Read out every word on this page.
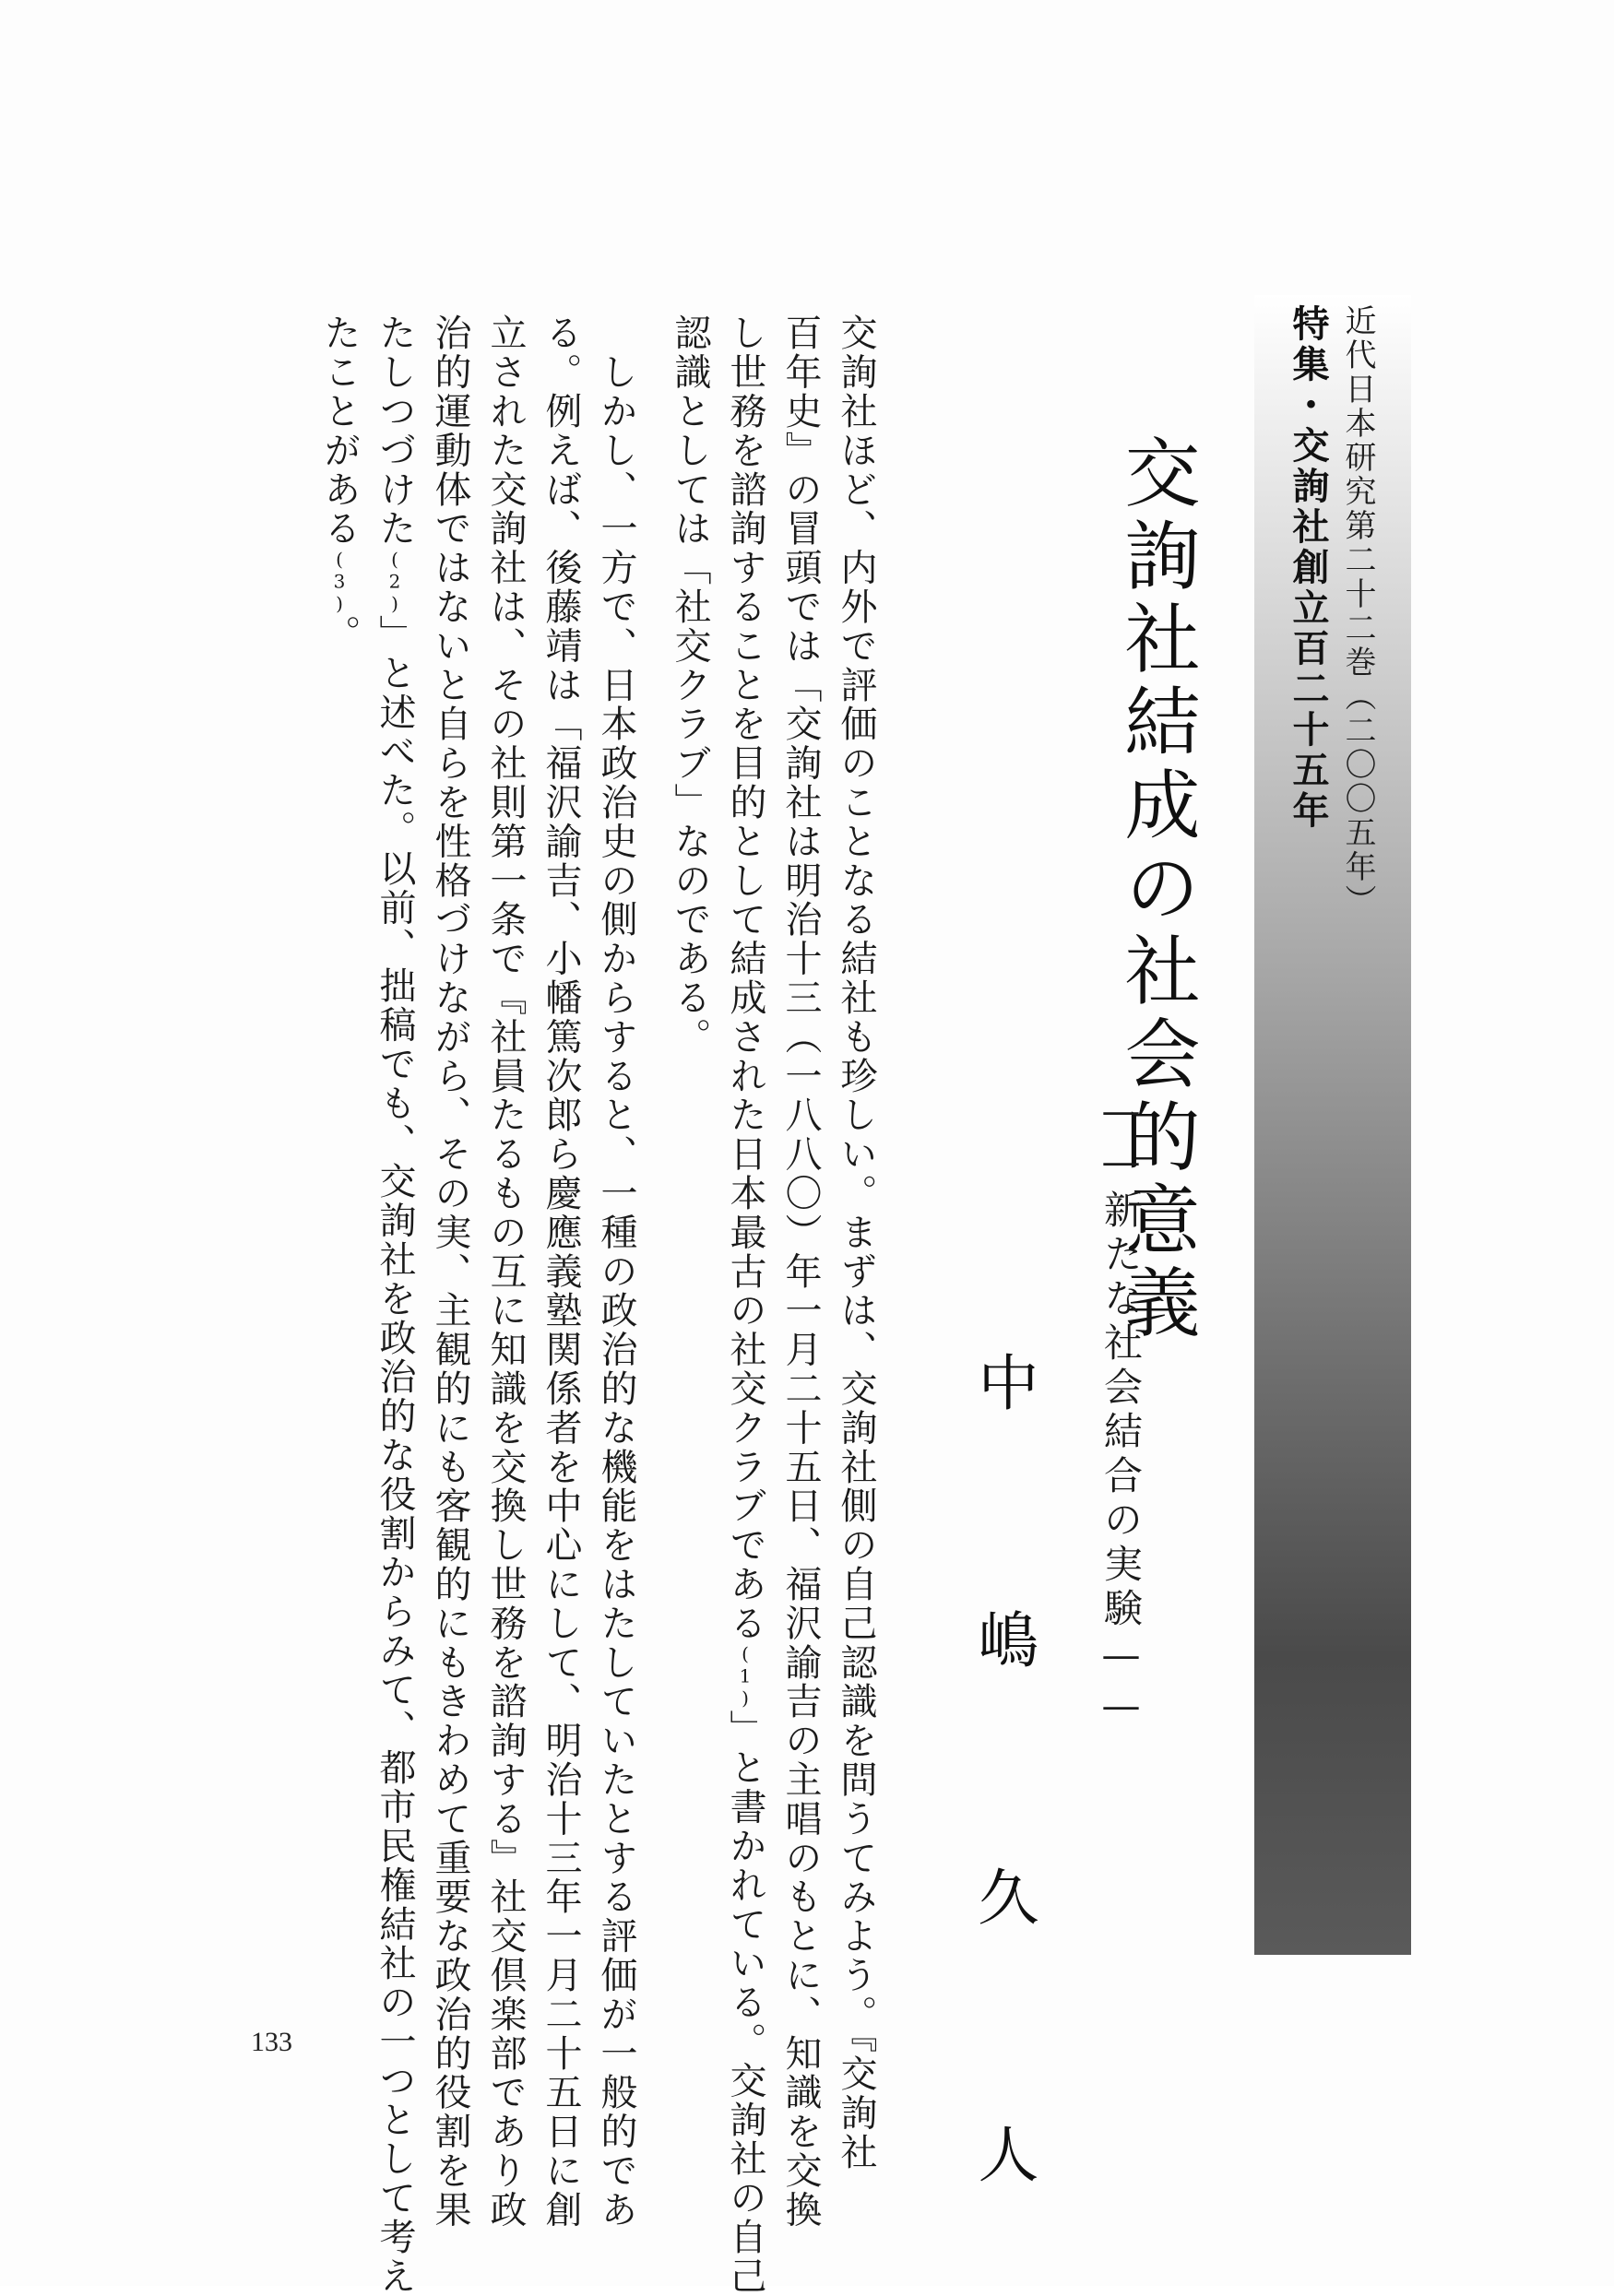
近代日本研究第二十二巻（二〇〇五年）
特集・交詢社創立百二十五年
交詢社結成の社会的意義
——新たな社会結合の実験——
中 嶋 久 人
交詢社ほど、内外で評価のことなる結社も珍しい。まずは、交詢社側の自己認識を問うてみよう。『交詢社
百年史』の冒頭では「交詢社は明治十三（一八八〇）年一月二十五日、福沢諭吉の主唱のもとに、知識を交換
し世務を諮詢することを目的として結成された日本最古の社交クラブである(1)」と書かれている。交詢社の自己
認識としては「社交クラブ」なのである。
　しかし、一方で、日本政治史の側からすると、一種の政治的な機能をはたしていたとする評価が一般的であ
る。例えば、後藤靖は「福沢諭吉、小幡篤次郎ら慶應義塾関係者を中心にして、明治十三年一月二十五日に創
立された交詢社は、その社則第一条で『社員たるもの互に知識を交換し世務を諮詢する』社交倶楽部であり政
治的運動体ではないと自らを性格づけながら、その実、主観的にも客観的にもきわめて重要な政治的役割を果
たしつづけた(2)」と述べた。以前、拙稿でも、交詢社を政治的な役割からみて、都市民権結社の一つとして考え
たことがある(3)。
133
